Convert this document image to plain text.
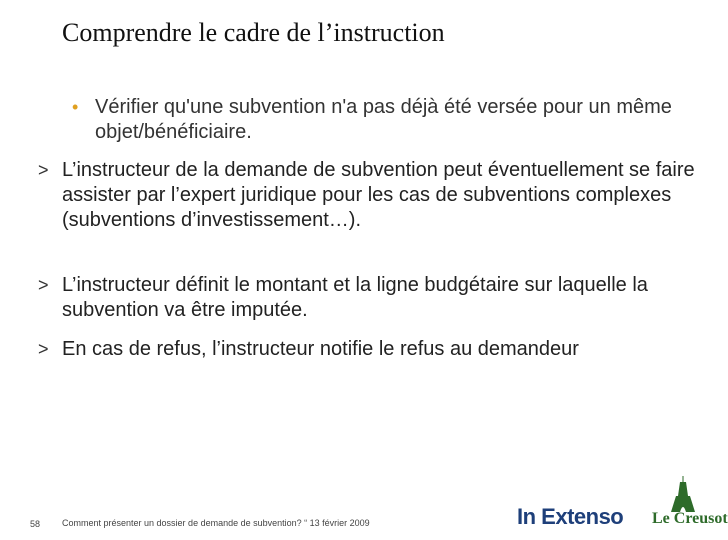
Comprendre le cadre de l’instruction
• Vérifier qu'une subvention n'a pas déjà été versée pour un même objet/bénéficiaire.
> L’instructeur de la demande de subvention peut éventuellement se faire assister par l’expert juridique pour les cas de subventions complexes (subventions d’investissement…).
> L’instructeur définit le montant et la ligne budgétaire sur laquelle la subvention va être imputée.
> En cas de refus, l’instructeur notifie le refus au demandeur
58 Comment présenter un dossier de demande de subvention? “ 13 février 2009	In Extenso Le Creusot
